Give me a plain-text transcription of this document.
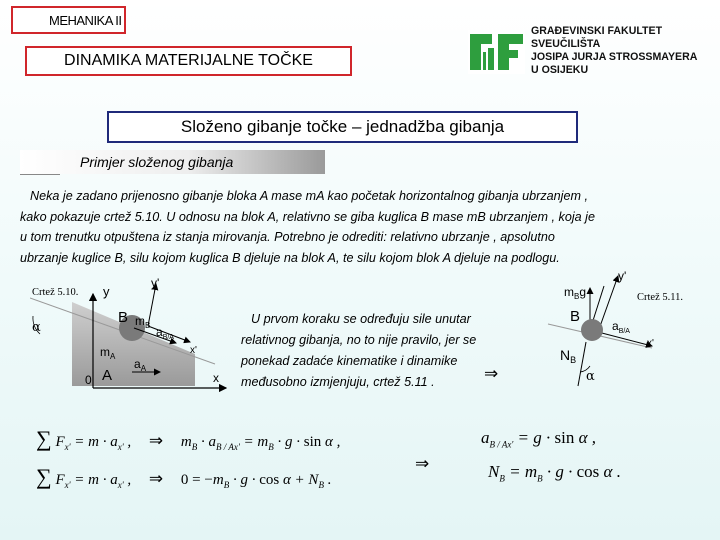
MEHANIKA II
DINAMIKA MATERIJALNE TOČKE
GRAĐEVINSKI FAKULTET
SVEUČILIŠTA
JOSIPA JURJA STROSSMAYERA
U OSIJEKU
Složeno gibanje točke – jednadžba gibanja
Primjer složenog gibanja

Neka je zadano prijenosno gibanje bloka A mase mA kao početak horizontalnog gibanja ubrzanjem ,

kako pokazuje crtež 5.10. U odnosu na blok A, relativno se giba kuglica B mase mB ubrzanjem , koja je

u tom trenutku otpuštena iz stanja mirovanja. Potrebno je odrediti: relativno ubrzanje , apsolutno

ubrzanje kuglice B, silu kojom kuglica B djeluje na blok A, te silu kojom blok A djeluje na podlogu.

Crtež 5.10.
α
y
y'
x
x'
B $m_B$ $a_{B/A}$
$m_A$
A
$a_A$
0
U prvom koraku se određuju sile unutar
relativnog gibanja, no to nije pravilo, jer se
ponekad zadaće kinematike i dinamike
međusobno izmjenjuju, crtež 5.11 .	⇒
Crtež 5.11.
y'
$m_Bg$
B
$a_{B/A}$
x'
$N_B$
α
∑ $F_{x'} = m \cdot a_{x'}$ , ⇒ $m_B \cdot a_{B / Ax'} = m_B \cdot g \cdot \sin \alpha$ ,
∑ $F_{x'} = m \cdot a_{x'}$ , ⇒ $0 = -m_B \cdot g \cdot \cos \alpha + N_B$ .
⇒
$a_{B / Ax'} = g \cdot \sin \alpha$ ,
$N_B = m_B \cdot g \cdot \cos \alpha$ .
